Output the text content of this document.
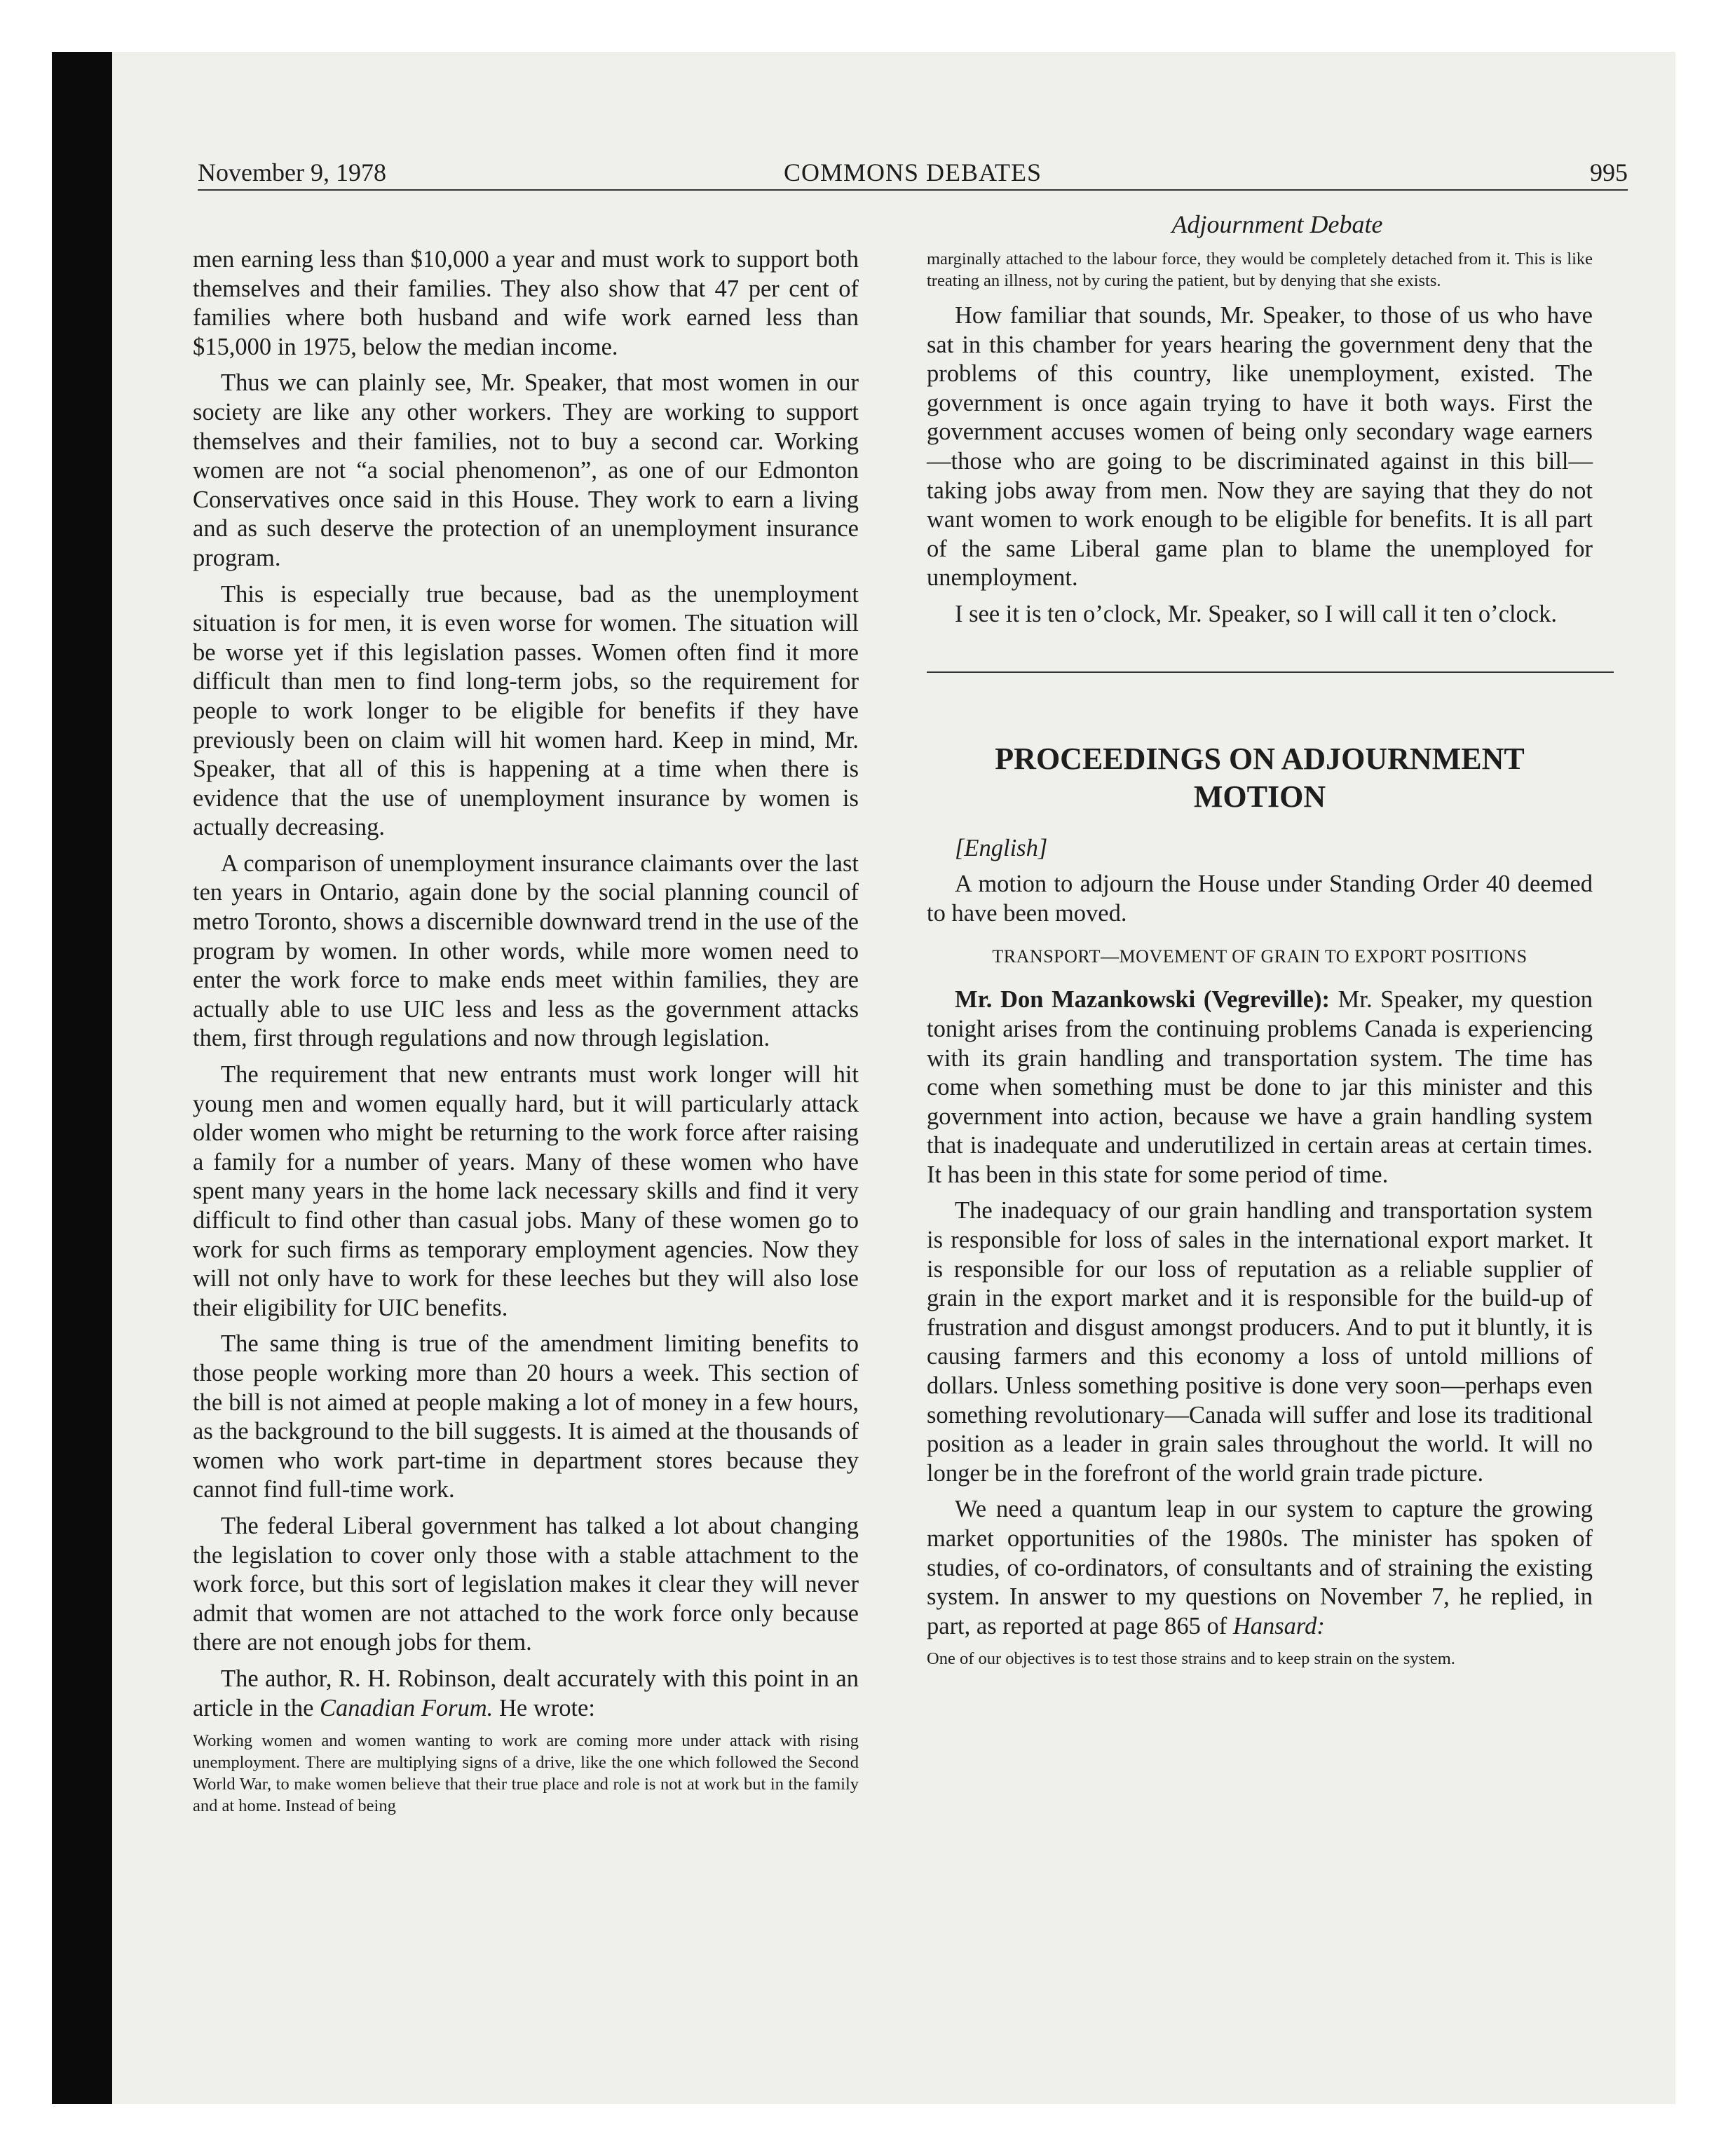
November 9, 1978	COMMONS DEBATES	995
Adjournment Debate

men earning less than $10,000 a year and must work to support both themselves and their families. They also show that 47 per cent of families where both husband and wife work earned less than $15,000 in 1975, below the median income.

Thus we can plainly see, Mr. Speaker, that most women in our society are like any other workers. They are working to support themselves and their families, not to buy a second car. Working women are not “a social phenomenon”, as one of our Edmonton Conservatives once said in this House. They work to earn a living and as such deserve the protection of an unemployment insurance program.

This is especially true because, bad as the unemployment situation is for men, it is even worse for women. The situation will be worse yet if this legislation passes. Women often find it more difficult than men to find long-term jobs, so the requirement for people to work longer to be eligible for benefits if they have previously been on claim will hit women hard. Keep in mind, Mr. Speaker, that all of this is happening at a time when there is evidence that the use of unemployment insurance by women is actually decreasing.

A comparison of unemployment insurance claimants over the last ten years in Ontario, again done by the social planning council of metro Toronto, shows a discernible downward trend in the use of the program by women. In other words, while more women need to enter the work force to make ends meet within families, they are actually able to use UIC less and less as the government attacks them, first through regulations and now through legislation.

The requirement that new entrants must work longer will hit young men and women equally hard, but it will particularly attack older women who might be returning to the work force after raising a family for a number of years. Many of these women who have spent many years in the home lack necessary skills and find it very difficult to find other than casual jobs. Many of these women go to work for such firms as temporary employment agencies. Now they will not only have to work for these leeches but they will also lose their eligibility for UIC benefits.

The same thing is true of the amendment limiting benefits to those people working more than 20 hours a week. This section of the bill is not aimed at people making a lot of money in a few hours, as the background to the bill suggests. It is aimed at the thousands of women who work part-time in department stores because they cannot find full-time work.

The federal Liberal government has talked a lot about changing the legislation to cover only those with a stable attachment to the work force, but this sort of legislation makes it clear they will never admit that women are not attached to the work force only because there are not enough jobs for them.

The author, R. H. Robinson, dealt accurately with this point in an article in the Canadian Forum. He wrote:

Working women and women wanting to work are coming more under attack with rising unemployment. There are multiplying signs of a drive, like the one which followed the Second World War, to make women believe that their true place and role is not at work but in the family and at home. Instead of being
marginally attached to the labour force, they would be completely detached from it. This is like treating an illness, not by curing the patient, but by denying that she exists.

How familiar that sounds, Mr. Speaker, to those of us who have sat in this chamber for years hearing the government deny that the problems of this country, like unemployment, existed. The government is once again trying to have it both ways. First the government accuses women of being only secondary wage earners—those who are going to be discriminated against in this bill—taking jobs away from men. Now they are saying that they do not want women to work enough to be eligible for benefits. It is all part of the same Liberal game plan to blame the unemployed for unemployment.

I see it is ten o’clock, Mr. Speaker, so I will call it ten o’clock.

PROCEEDINGS ON ADJOURNMENT MOTION

[English]

A motion to adjourn the House under Standing Order 40 deemed to have been moved.

TRANSPORT—MOVEMENT OF GRAIN TO EXPORT POSITIONS

Mr. Don Mazankowski (Vegreville): Mr. Speaker, my question tonight arises from the continuing problems Canada is experiencing with its grain handling and transportation system. The time has come when something must be done to jar this minister and this government into action, because we have a grain handling system that is inadequate and underutilized in certain areas at certain times. It has been in this state for some period of time.

The inadequacy of our grain handling and transportation system is responsible for loss of sales in the international export market. It is responsible for our loss of reputation as a reliable supplier of grain in the export market and it is responsible for the build-up of frustration and disgust amongst producers. And to put it bluntly, it is causing farmers and this economy a loss of untold millions of dollars. Unless something positive is done very soon—perhaps even something revolutionary—Canada will suffer and lose its traditional position as a leader in grain sales throughout the world. It will no longer be in the forefront of the world grain trade picture.

We need a quantum leap in our system to capture the growing market opportunities of the 1980s. The minister has spoken of studies, of co-ordinators, of consultants and of straining the existing system. In answer to my questions on November 7, he replied, in part, as reported at page 865 of Hansard:

One of our objectives is to test those strains and to keep strain on the system.
